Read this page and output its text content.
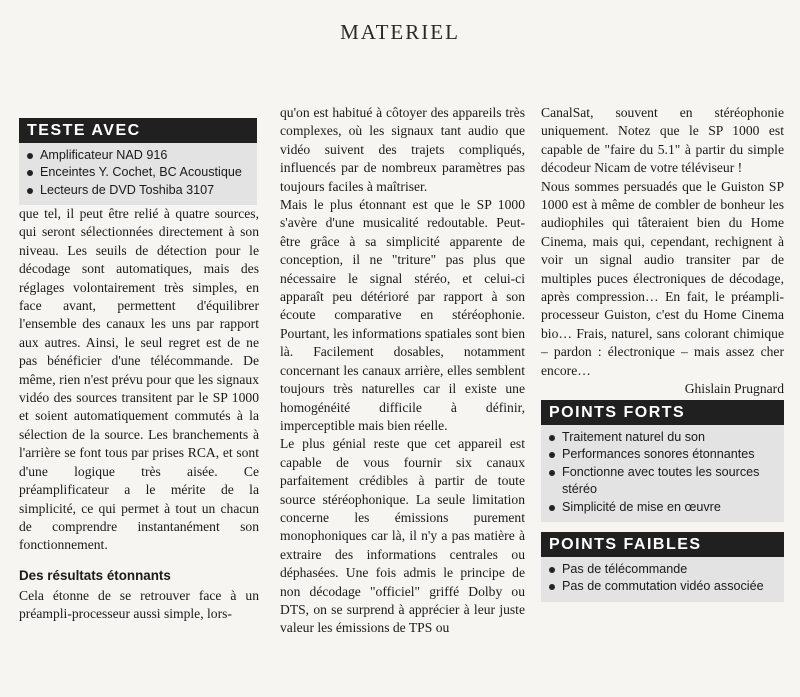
MATERIEL
TESTE AVEC
Amplificateur NAD 916
Enceintes Y. Cochet, BC Acoustique
Lecteurs de DVD Toshiba 3107

que tel, il peut être relié à quatre sources, qui seront sélectionnées directement à son niveau. Les seuils de détection pour le décodage sont automatiques, mais des réglages volontairement très simples, en face avant, permettent d'équilibrer l'ensemble des canaux les uns par rapport aux autres. Ainsi, le seul regret est de ne pas bénéficier d'une télécommande. De même, rien n'est prévu pour que les signaux vidéo des sources transitent par le SP 1000 et soient automatiquement commutés à la sélection de la source. Les branchements à l'arrière se font tous par prises RCA, et sont d'une logique très aisée. Ce préamplificateur a le mérite de la simplicité, ce qui permet à tout un chacun de comprendre instantanément son fonctionnement.

Des résultats étonnants

Cela étonne de se retrouver face à un préampli-processeur aussi simple, lors-

qu'on est habitué à côtoyer des appareils très complexes, où les signaux tant audio que vidéo suivent des trajets compliqués, influencés par de nombreux paramètres pas toujours faciles à maîtriser.

Mais le plus étonnant est que le SP 1000 s'avère d'une musicalité redoutable. Peut-être grâce à sa simplicité apparente de conception, il ne "triture" pas plus que nécessaire le signal stéréo, et celui-ci apparaît peu détérioré par rapport à son écoute comparative en stéréophonie. Pourtant, les informations spatiales sont bien là. Facilement dosables, notamment concernant les canaux arrière, elles semblent toujours très naturelles car il existe une homogénéité difficile à définir, imperceptible mais bien réelle.

Le plus génial reste que cet appareil est capable de vous fournir six canaux parfaitement crédibles à partir de toute source stéréophonique. La seule limitation concerne les émissions purement monophoniques car là, il n'y a pas matière à extraire des informations centrales ou déphasées. Une fois admis le principe de non décodage "officiel" griffé Dolby ou DTS, on se surprend à apprécier à leur juste valeur les émissions de TPS ou

CanalSat, souvent en stéréophonie uniquement. Notez que le SP 1000 est capable de "faire du 5.1" à partir du simple décodeur Nicam de votre téléviseur !

Nous sommes persuadés que le Guiston SP 1000 est à même de combler de bonheur les audiophiles qui tâteraient bien du Home Cinema, mais qui, cependant, rechignent à voir un signal audio transiter par de multiples puces électroniques de décodage, après compression… En fait, le préampli-processeur Guiston, c'est du Home Cinema bio… Frais, naturel, sans colorant chimique – pardon : électronique – mais assez cher encore…

Ghislain Prugnard

POINTS FORTS
Traitement naturel du son
Performances sonores étonnantes
Fonctionne avec toutes les sources stéréo
Simplicité de mise en œuvre
POINTS FAIBLES
Pas de télécommande
Pas de commutation vidéo associée
